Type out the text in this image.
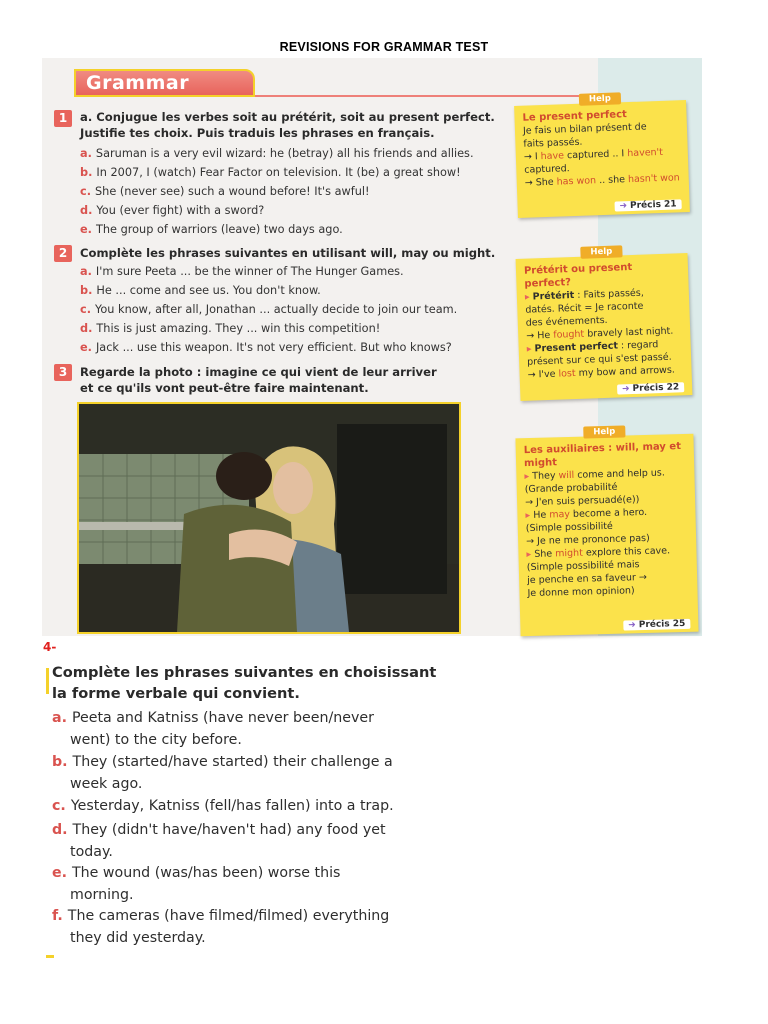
REVISIONS FOR GRAMMAR TEST
Grammar
1	a. Conjugue les verbes soit au prétérit, soit au present perfect.
Justifie tes choix. Puis traduis les phrases en français.
a. Saruman is a very evil wizard: he (betray) all his friends and allies.
b. In 2007, I (watch) Fear Factor on television. It (be) a great show!
c. She (never see) such a wound before! It's awful!
d. You (ever fight) with a sword?
e. The group of warriors (leave) two days ago.
2	Complète les phrases suivantes en utilisant will, may ou might.
a. I'm sure Peeta ... be the winner of The Hunger Games.
b. He ... come and see us. You don't know.
c. You know, after all, Jonathan ... actually decide to join our team.
d. This is just amazing. They ... win this competition!
e. Jack ... use this weapon. It's not very efficient. But who knows?
3	Regarde la photo : imagine ce qui vient de leur arriver
et ce qu'ils vont peut-être faire maintenant.
Help
Le present perfect
Je fais un bilan présent de
faits passés.
→ I have captured .. I haven't
captured.
→ She has won .. she hasn't won
➜ Précis 21
Help
Prétérit ou present perfect?
▸ Prétérit : Faits passés,
datés. Récit = Je raconte
des événements.
→ He fought bravely last night.
▸ Present perfect : regard
présent sur ce qui s'est passé.
→ I've lost my bow and arrows.
➜ Précis 22
Help
Les auxiliaires : will, may et might
▸ They will come and help us.
(Grande probabilité
→ J'en suis persuadé(e))
▸ He may become a hero.
(Simple possibilité
→ Je ne me prononce pas)
▸ She might explore this cave.
(Simple possibilité mais
je penche en sa faveur →
Je donne mon opinion)
➜ Précis 25
4-
Complète les phrases suivantes en choisissant
la forme verbale qui convient.
a. Peeta and Katniss (have never been/never
went) to the city before.
b. They (started/have started) their challenge a
week ago.
c. Yesterday, Katniss (fell/has fallen) into a trap.
d. They (didn't have/haven't had) any food yet
today.
e. The wound (was/has been) worse this
morning.
f. The cameras (have filmed/filmed) everything
they did yesterday.
